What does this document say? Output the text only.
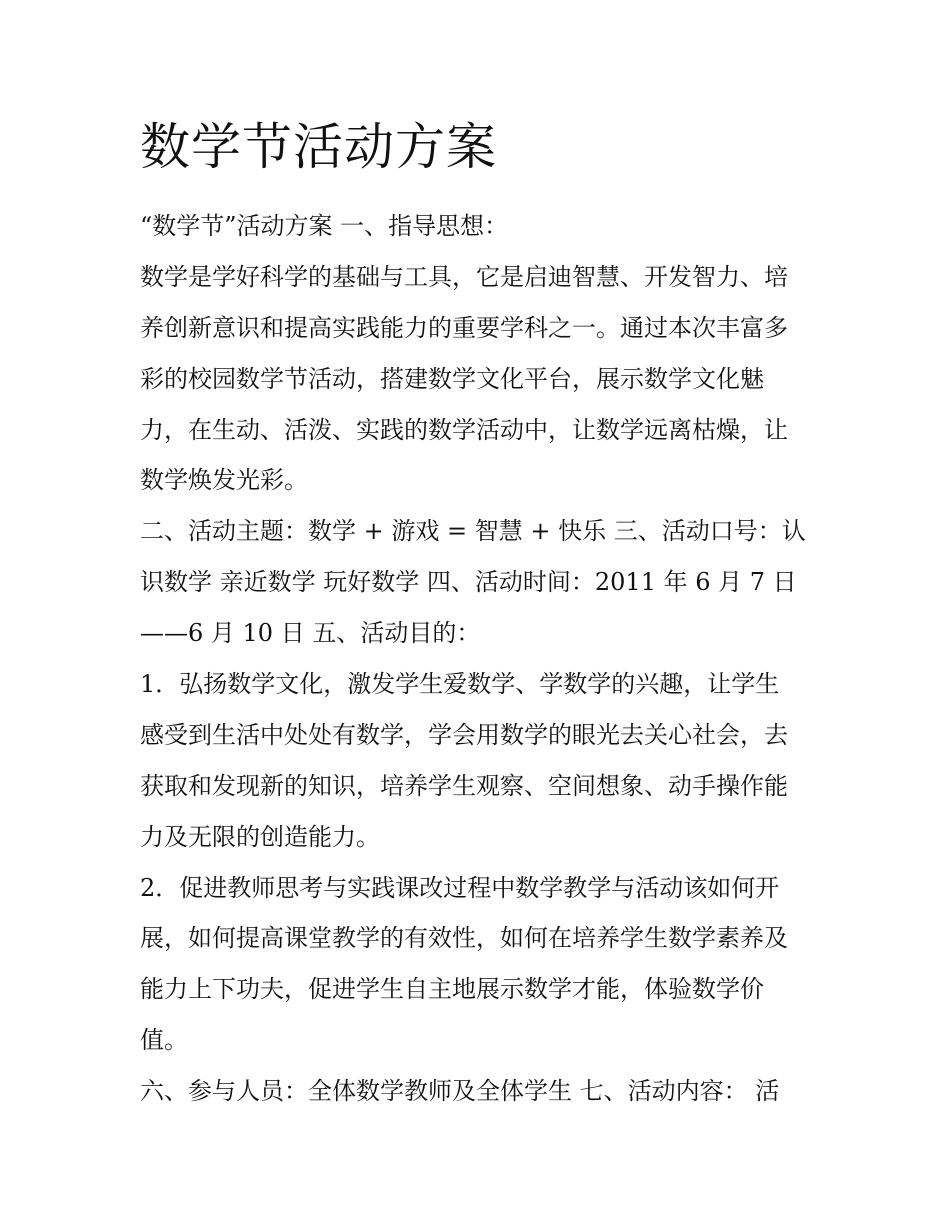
数学节活动方案
“数学节”活动方案 一、指导思想：
数学是学好科学的基础与工具，它是启迪智慧、开发智力、培
养创新意识和提高实践能力的重要学科之一。通过本次丰富多
彩的校园数学节活动，搭建数学文化平台，展示数学文化魅
力，在生动、活泼、实践的数学活动中，让数学远离枯燥，让
数学焕发光彩。
二、活动主题：数学 + 游戏 = 智慧 + 快乐 三、活动口号：认
识数学 亲近数学 玩好数学 四、活动时间：2011 年 6 月 7 日
——6 月 10 日 五、活动目的：
1．弘扬数学文化，激发学生爱数学、学数学的兴趣，让学生
感受到生活中处处有数学，学会用数学的眼光去关心社会，去
获取和发现新的知识，培养学生观察、空间想象、动手操作能
力及无限的创造能力。
2．促进教师思考与实践课改过程中数学教学与活动该如何开
展，如何提高课堂教学的有效性，如何在培养学生数学素养及
能力上下功夫，促进学生自主地展示数学才能，体验数学价
值。
六、参与人员：全体数学教师及全体学生 七、活动内容： 活
